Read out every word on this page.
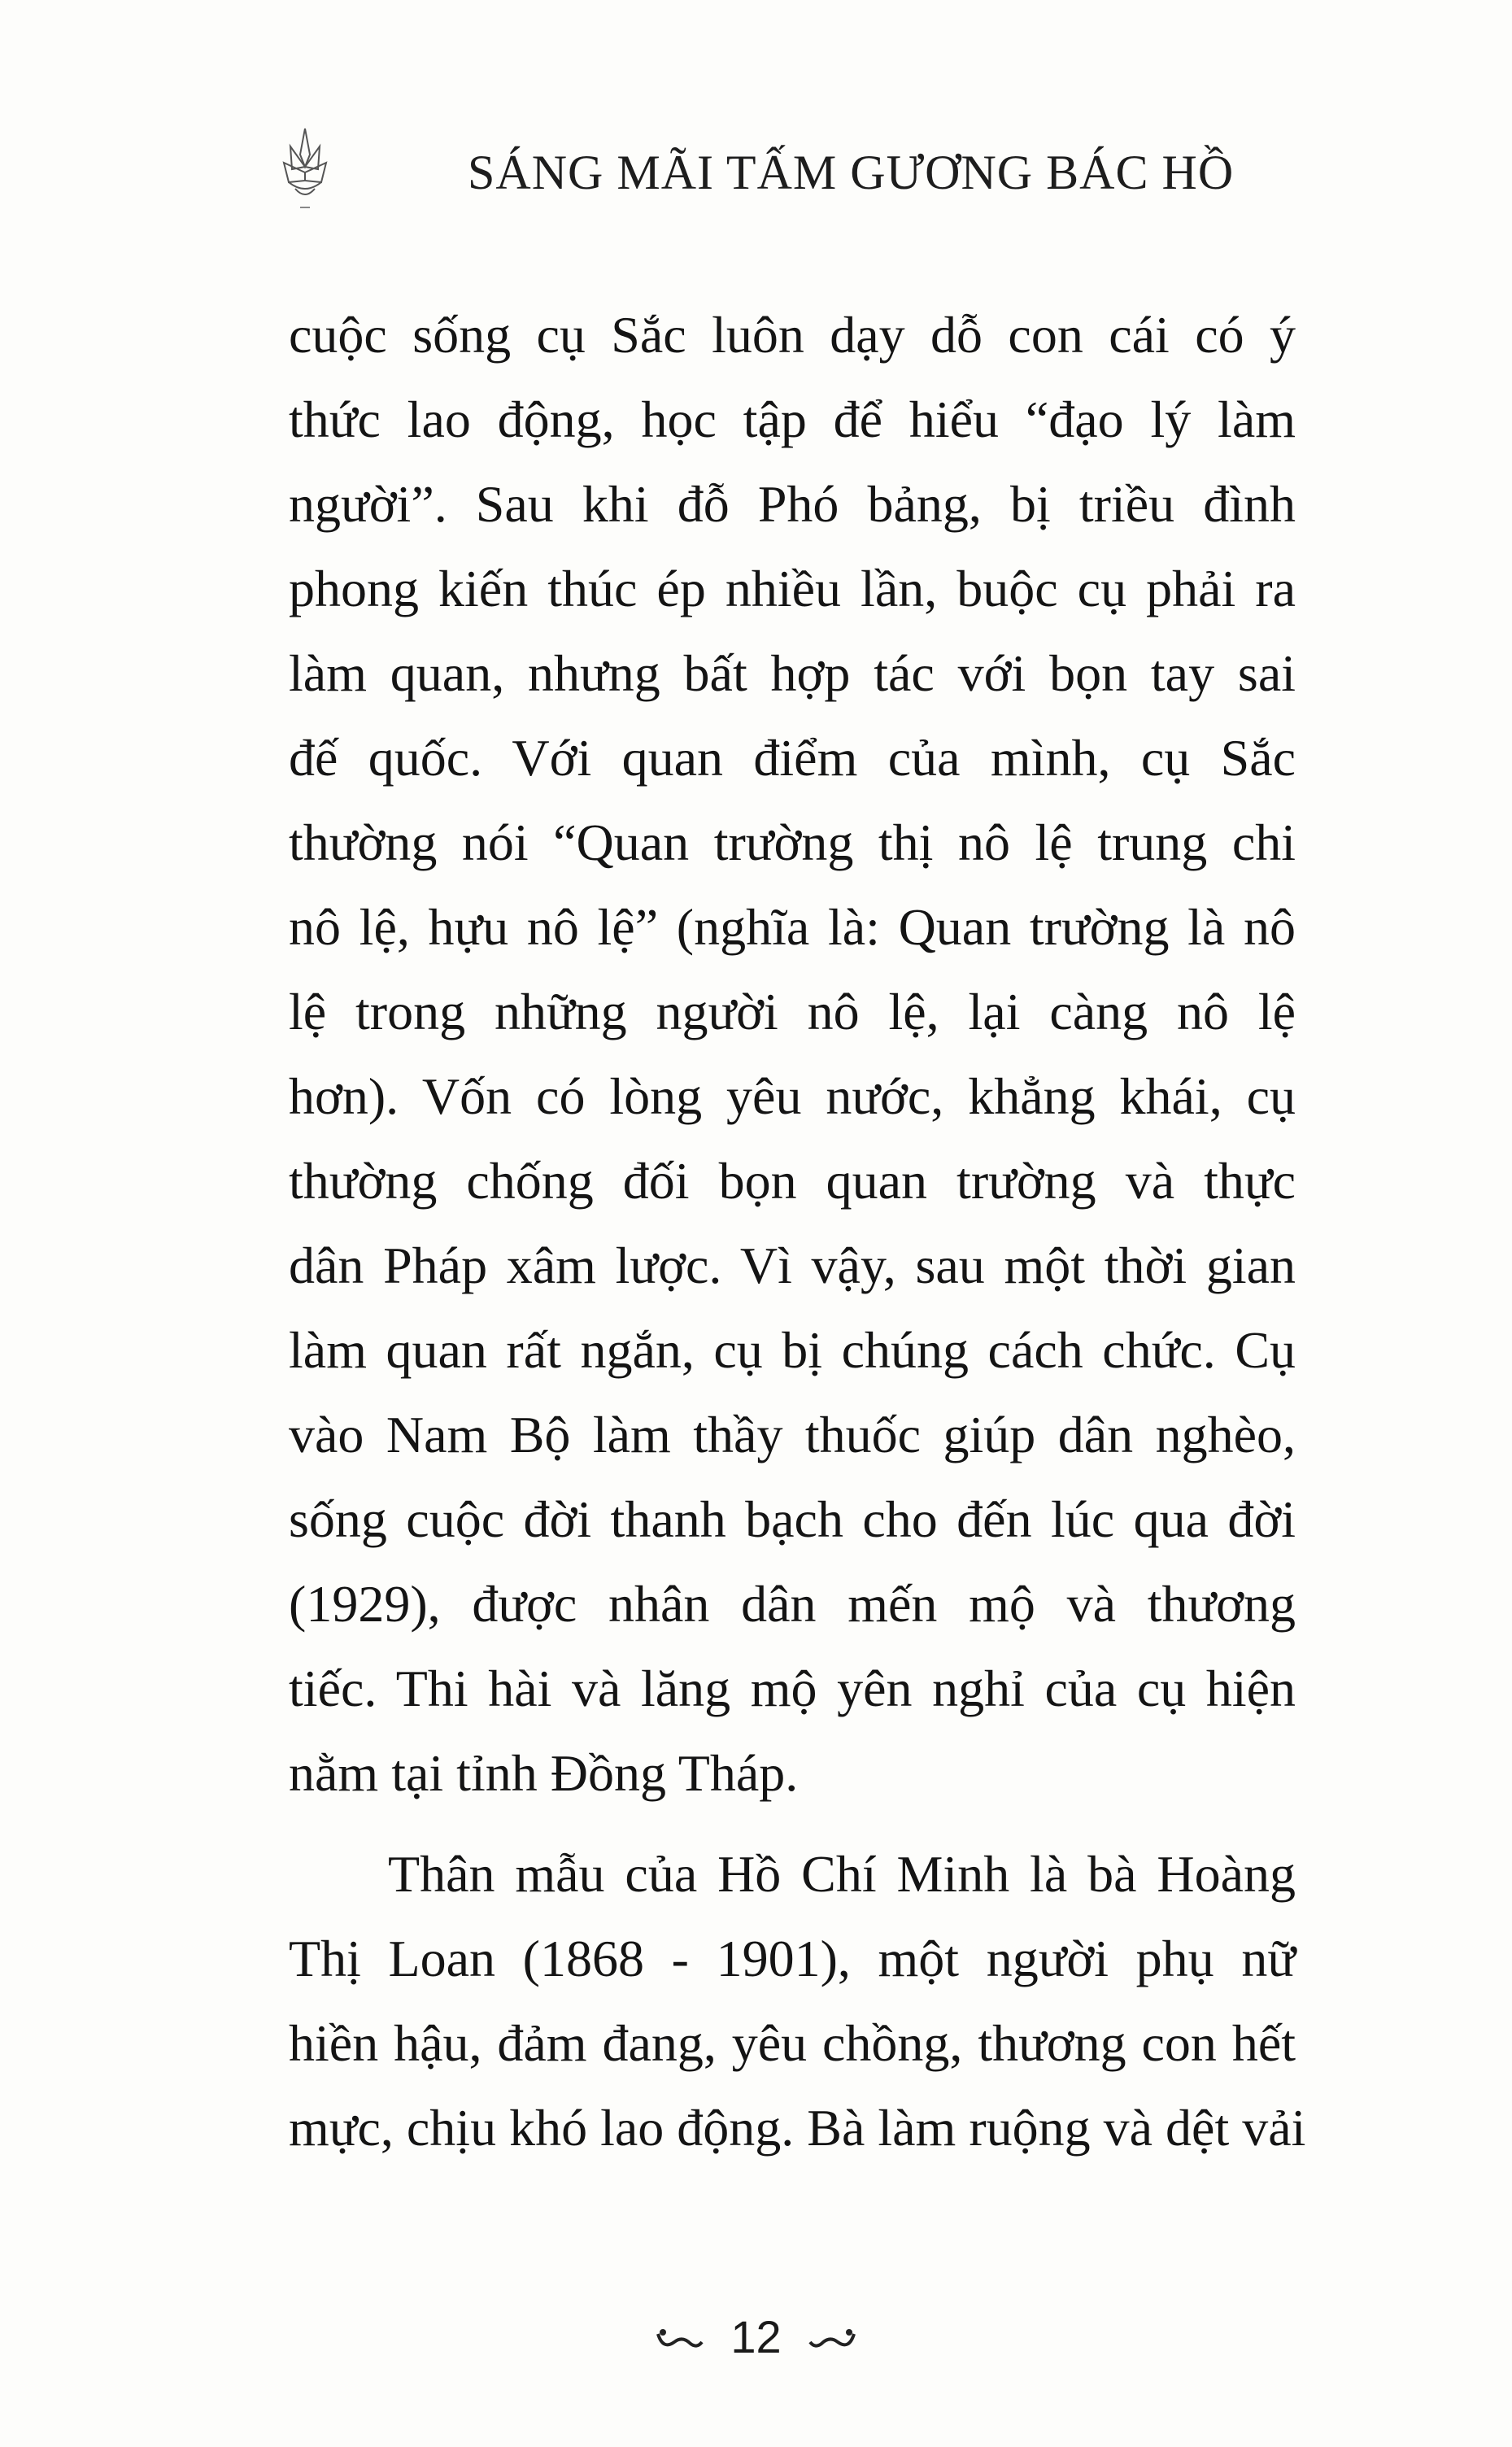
SÁNG MÃI TẤM GƯƠNG BÁC HỒ
cuộc sống cụ Sắc luôn dạy dỗ con cái có ý
thức lao động, học tập để hiểu “đạo lý làm
người”. Sau khi đỗ Phó bảng, bị triều đình
phong kiến thúc ép nhiều lần, buộc cụ phải ra
làm quan, nhưng bất hợp tác với bọn tay sai
đế quốc. Với quan điểm của mình, cụ Sắc
thường nói “Quan trường thị nô lệ trung chi
nô lệ, hựu nô lệ” (nghĩa là: Quan trường là nô
lệ trong những người nô lệ, lại càng nô lệ
hơn). Vốn có lòng yêu nước, khẳng khái, cụ
thường chống đối bọn quan trường và thực
dân Pháp xâm lược. Vì vậy, sau một thời gian
làm quan rất ngắn, cụ bị chúng cách chức. Cụ
vào Nam Bộ làm thầy thuốc giúp dân nghèo,
sống cuộc đời thanh bạch cho đến lúc qua đời
(1929), được nhân dân mến mộ và thương
tiếc. Thi hài và lăng mộ yên nghỉ của cụ hiện
nằm tại tỉnh Đồng Tháp.
Thân mẫu của Hồ Chí Minh là bà Hoàng
Thị Loan (1868 - 1901), một người phụ nữ
hiền hậu, đảm đang, yêu chồng, thương con hết
mực, chịu khó lao động. Bà làm ruộng và dệt vải
12
